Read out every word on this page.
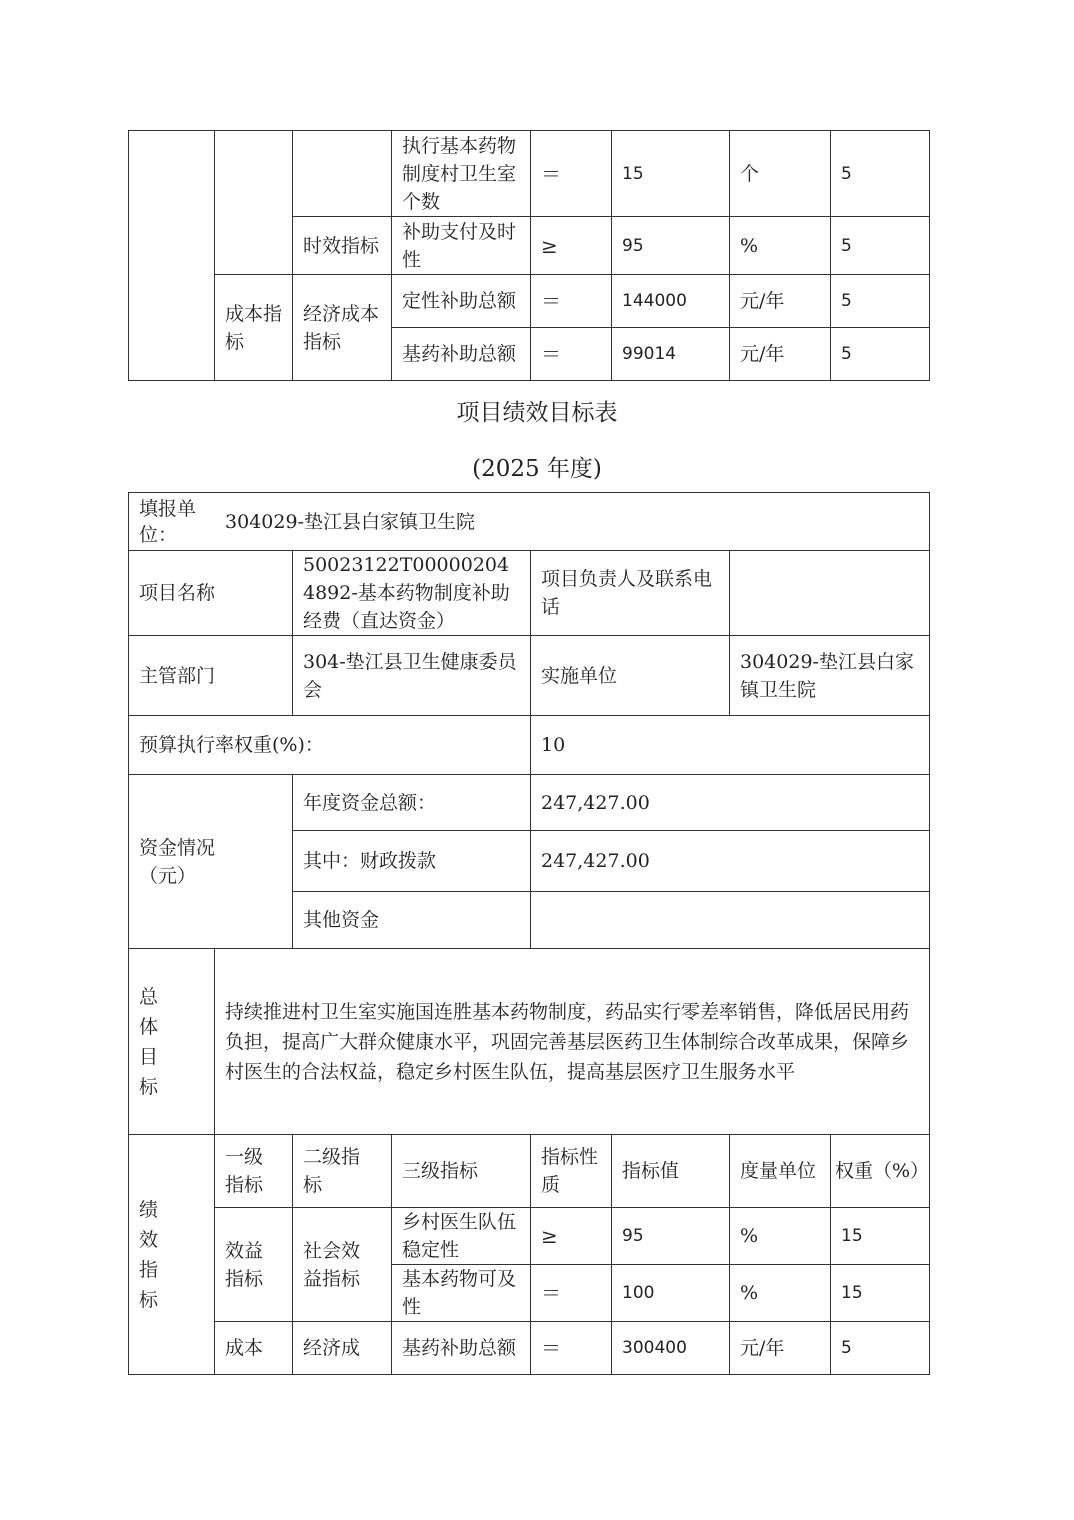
			执行基本药物制度村卫生室个数	＝	15	个	5
		时效指标	补助支付及时性	≥	95	%	5
	成本指标	经济成本指标	定性补助总额	＝	144000	元/年	5
			基药补助总额	＝	99014	元/年	5
项目绩效目标表
(2025 年度)
填报单位：
304029-垫江县白家镇卫生院							

项目名称		50023122T000002044892-基本药物制度补助经费（直达资金）		项目负责人及联系电话			
主管部门		304-垫江县卫生健康委员会		实施单位		304029-垫江县白家镇卫生院	
预算执行率权重(%)：				10			
资金情况（元）		年度资金总额：		247,427.00			
		其中：财政拨款		247,427.00			
		其他资金					
总体目标	持续推进村卫生室实施国连胜基本药物制度，药品实行零差率销售，降低居民用药负担，提高广大群众健康水平，巩固完善基层医药卫生体制综合改革成果，保障乡村医生的合法权益，稳定乡村医生队伍，提高基层医疗卫生服务水平						
绩效指标	一级指标	二级指标	三级指标	指标性质	指标值	度量单位	权重（%）
	效益指标	社会效益指标	乡村医生队伍稳定性	≥	95	%	15
			基本药物可及性	＝	100	%	15
	成本	经济成	基药补助总额	＝	300400	元/年	5
